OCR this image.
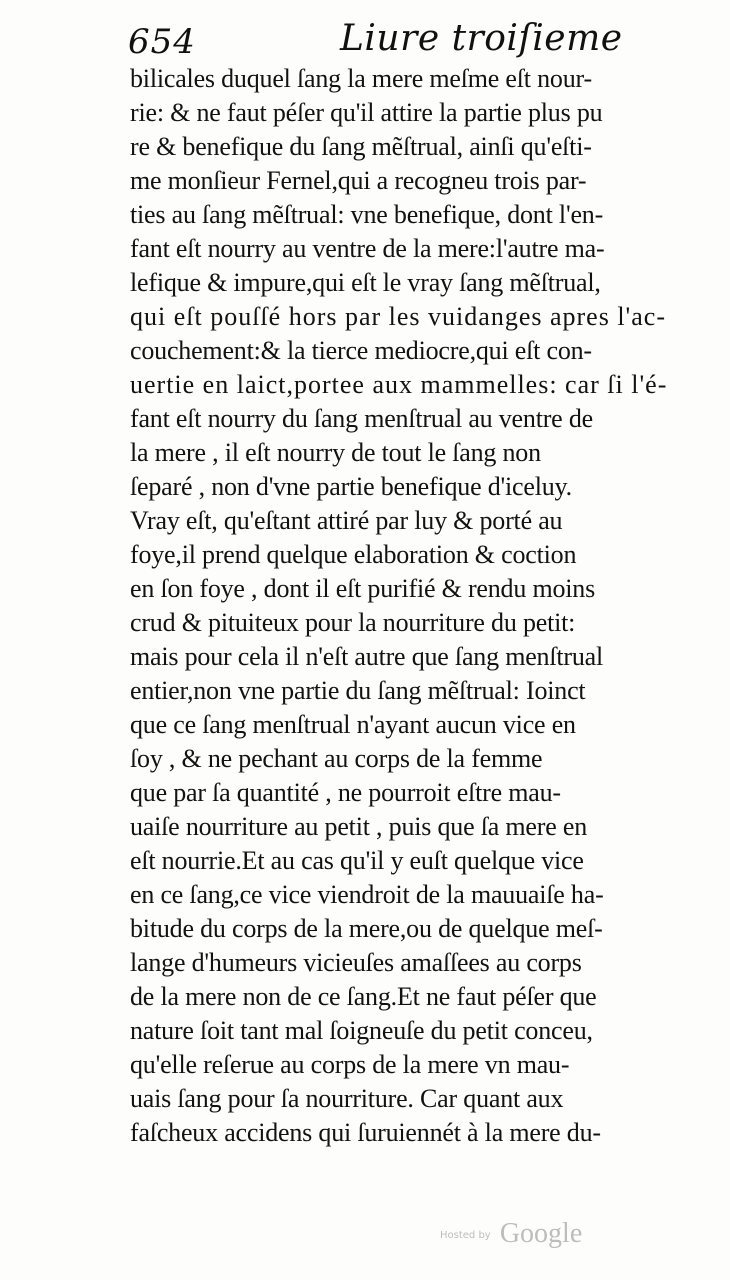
654	Liure troiſieme
bilicales duquel ſang la mere meſme eſt nour-
rie: & ne faut péſer qu'il attire la partie plus pu
re & benefique du ſang mẽſtrual, ainſi qu'eſti-
me monſieur Fernel,qui a recogneu trois par-
ties au ſang mẽſtrual: vne benefique, dont l'en-
fant eſt nourry au ventre de la mere:l'autre ma-
lefique & impure,qui eſt le vray ſang mẽſtrual,
qui eſt pouſſé hors par les vuidanges apres l'ac-
couchement:& la tierce mediocre,qui eſt con-
uertie en laict,portee aux mammelles: car ſi l'é-
fant eſt nourry du ſang menſtrual au ventre de
la mere , il eſt nourry de tout le ſang non
ſeparé , non d'vne partie benefique d'iceluy.
Vray eſt, qu'eſtant attiré par luy & porté au
foye,il prend quelque elaboration & coction
en ſon foye , dont il eſt purifié & rendu moins
crud & pituiteux pour la nourriture du petit:
mais pour cela il n'eſt autre que ſang menſtrual
entier,non vne partie du ſang mẽſtrual: Ioinct
que ce ſang menſtrual n'ayant aucun vice en
ſoy , & ne pechant au corps de la femme
que par ſa quantité , ne pourroit eſtre mau-
uaiſe nourriture au petit , puis que ſa mere en
eſt nourrie.Et au cas qu'il y euſt quelque vice
en ce ſang,ce vice viendroit de la mauuaiſe ha-
bitude du corps de la mere,ou de quelque meſ-
lange d'humeurs vicieuſes amaſſees au corps
de la mere non de ce ſang.Et ne faut péſer que
nature ſoit tant mal ſoigneuſe du petit conceu,
qu'elle reſerue au corps de la mere vn mau-
uais ſang pour ſa nourriture. Car quant aux
faſcheux accidens qui ſuruiennét à la mere du-
$^{Hosted by}$ Google
